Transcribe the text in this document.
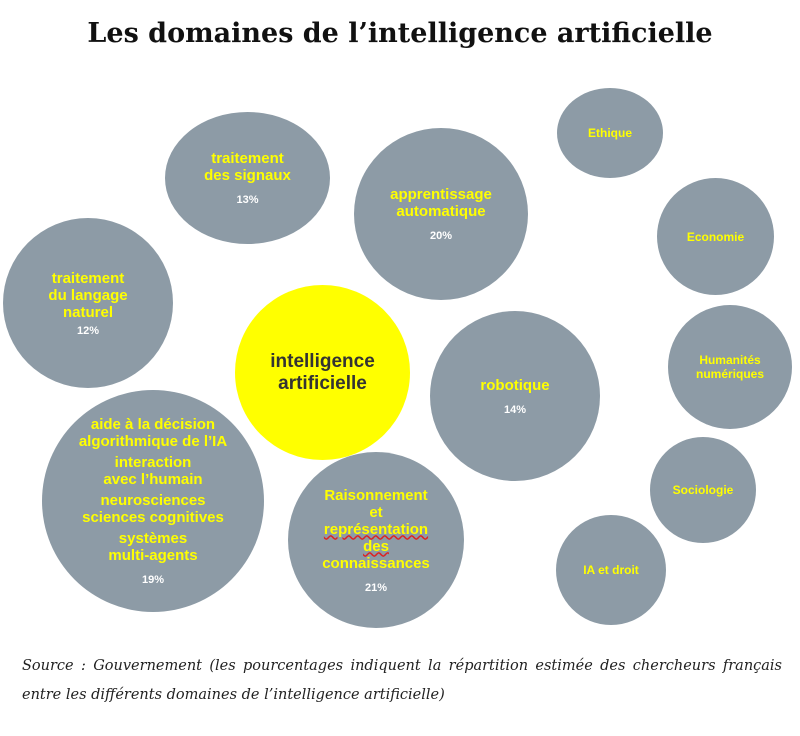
Les domaines de l’intelligence artificielle
traitement
des signaux
13%	apprentissage
automatique
20%
traitement
du langage
naturel
12%
robotique
14%
aide à la décision
algorithmique de l’IA
interaction
avec l’humain
neurosciences
sciences cognitives
systèmes
multi-agents
19%
Raisonnement
et
représentation
des
connaissances
21%
intelligence
artificielle
Ethique
Economie
Humanités
numériques
Sociologie
IA et droit
Source : Gouvernement (les pourcentages indiquent la répartition estimée des chercheurs français entre les différents domaines de l’intelligence artificielle)
